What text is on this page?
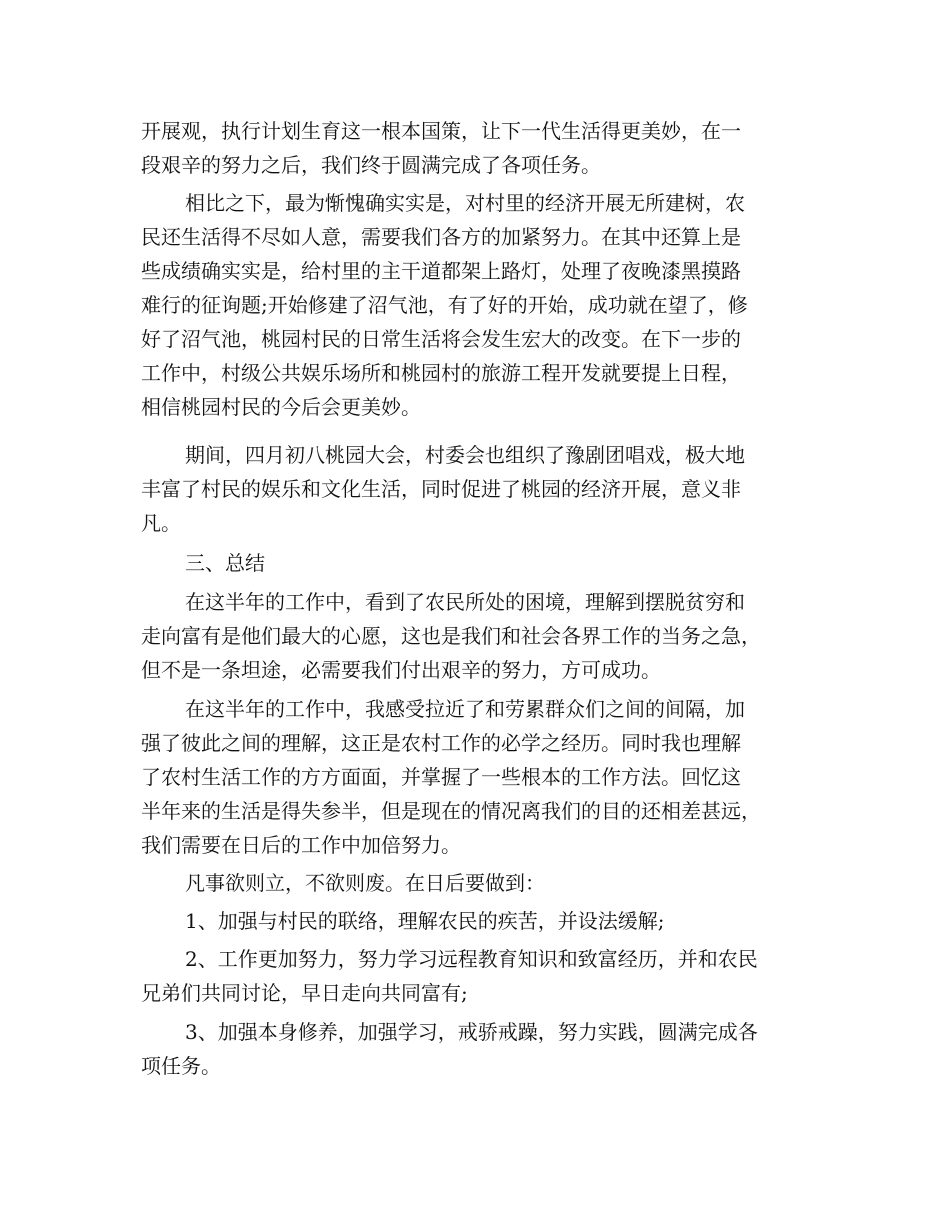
开展观，执行计划生育这一根本国策，让下一代生活得更美妙，在一
段艰辛的努力之后，我们终于圆满完成了各项任务。
相比之下，最为惭愧确实实是，对村里的经济开展无所建树，农
民还生活得不尽如人意，需要我们各方的加紧努力。在其中还算上是
些成绩确实实是，给村里的主干道都架上路灯，处理了夜晚漆黑摸路
难行的征询题;开始修建了沼气池，有了好的开始，成功就在望了，修
好了沼气池，桃园村民的日常生活将会发生宏大的改变。在下一步的
工作中，村级公共娱乐场所和桃园村的旅游工程开发就要提上日程，
相信桃园村民的今后会更美妙。
期间，四月初八桃园大会，村委会也组织了豫剧团唱戏，极大地
丰富了村民的娱乐和文化生活，同时促进了桃园的经济开展，意义非
凡。
三、总结
在这半年的工作中，看到了农民所处的困境，理解到摆脱贫穷和
走向富有是他们最大的心愿，这也是我们和社会各界工作的当务之急，
但不是一条坦途，必需要我们付出艰辛的努力，方可成功。
在这半年的工作中，我感受拉近了和劳累群众们之间的间隔，加
强了彼此之间的理解，这正是农村工作的必学之经历。同时我也理解
了农村生活工作的方方面面，并掌握了一些根本的工作方法。回忆这
半年来的生活是得失参半，但是现在的情况离我们的目的还相差甚远，
我们需要在日后的工作中加倍努力。
凡事欲则立，不欲则废。在日后要做到：
1、加强与村民的联络，理解农民的疾苦，并设法缓解;
2、工作更加努力，努力学习远程教育知识和致富经历，并和农民
兄弟们共同讨论，早日走向共同富有;
3、加强本身修养，加强学习，戒骄戒躁，努力实践，圆满完成各
项任务。
